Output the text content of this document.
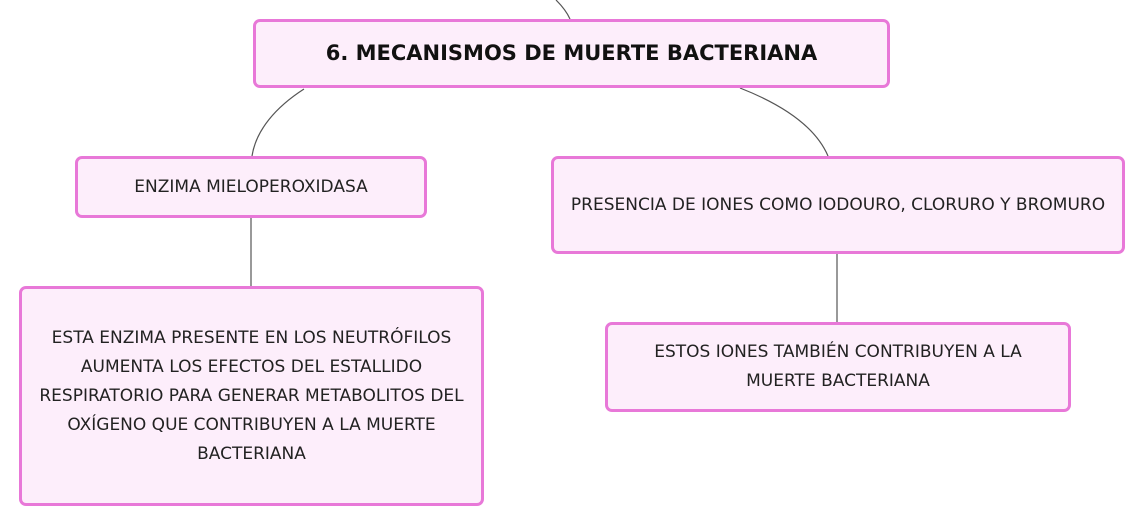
6. MECANISMOS DE MUERTE BACTERIANA
ENZIMA MIELOPEROXIDASA
PRESENCIA DE IONES COMO IODOURO, CLORURO Y BROMURO
ESTA ENZIMA PRESENTE EN LOS NEUTRÓFILOS AUMENTA LOS EFECTOS DEL ESTALLIDO RESPIRATORIO PARA GENERAR METABOLITOS DEL OXÍGENO QUE CONTRIBUYEN A LA MUERTE BACTERIANA
ESTOS IONES TAMBIÉN CONTRIBUYEN A LA MUERTE BACTERIANA
